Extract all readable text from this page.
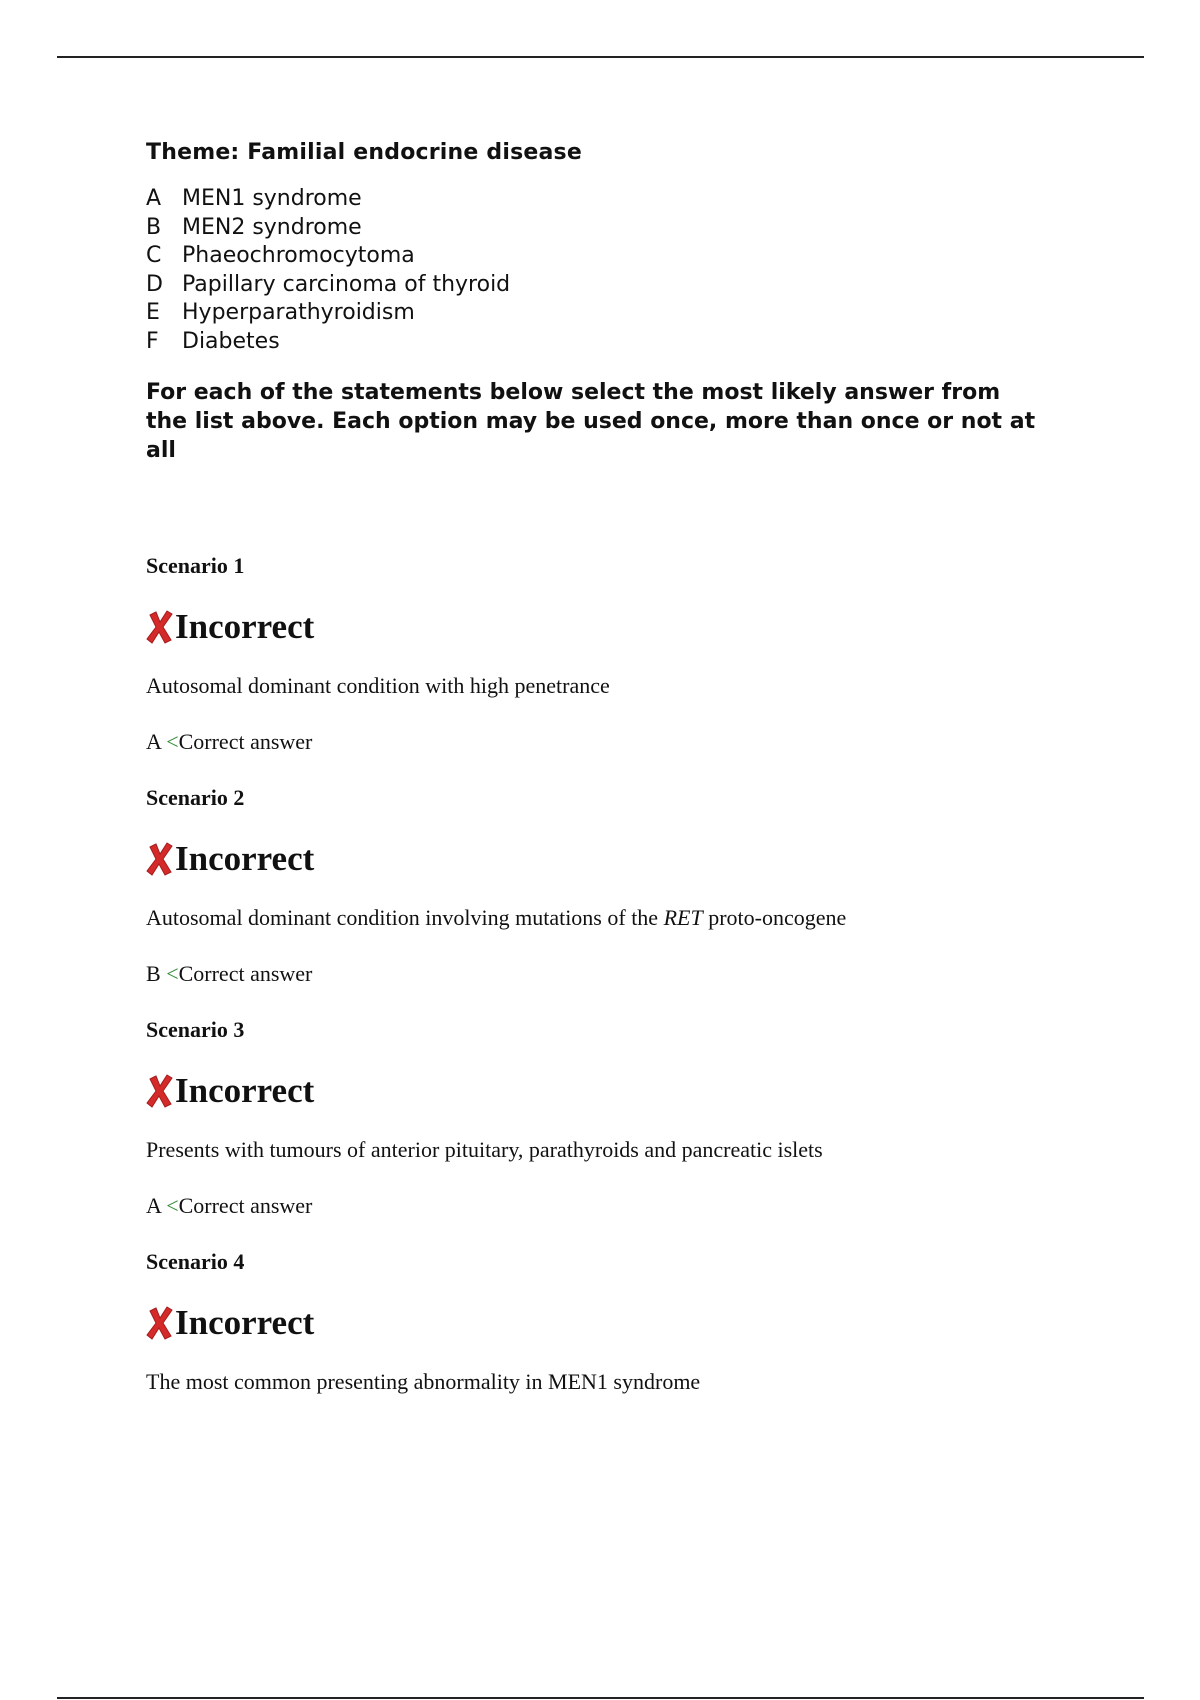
Theme: Familial endocrine disease
A MEN1 syndrome
B MEN2 syndrome
C Phaeochromocytoma
D Papillary carcinoma of thyroid
E	Hyperparathyroidism
F	Diabetes
For each of the statements below select the most likely answer from the list above. Each option may be used once, more than once or not at all
Scenario 1
Incorrect
Autosomal dominant condition with high penetrance
A <Correct answer
Scenario 2
Incorrect
Autosomal dominant condition involving mutations of the RET proto-oncogene
B <Correct answer
Scenario 3
Incorrect
Presents with tumours of anterior pituitary, parathyroids and pancreatic islets
A <Correct answer
Scenario 4
Incorrect
The most common presenting abnormality in MEN1 syndrome
